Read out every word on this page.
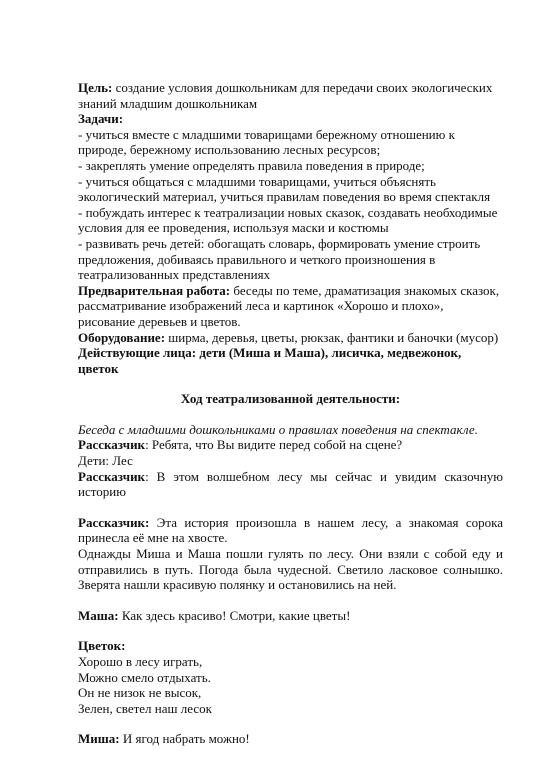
Цель: создание условия дошкольникам для передачи своих экологических знаний младшим дошкольникам

Задачи:

- учиться вместе с младшими товарищами бережному отношению к природе, бережному использованию лесных ресурсов;

- закреплять умение определять правила поведения в природе;

- учиться общаться с младшими товарищами, учиться объяснять экологический материал, учиться правилам поведения во время спектакля

- побуждать интерес к театрализации новых сказок, создавать необходимые условия для ее проведения, используя маски и костюмы

- развивать речь детей: обогащать словарь, формировать умение строить предложения, добиваясь правильного и четкого произношения в театрализованных представлениях

Предварительная работа: беседы по теме, драматизация знакомых сказок, рассматривание изображений леса и картинок «Хорошо и плохо», рисование деревьев и цветов.

Оборудование: ширма, деревья, цветы, рюкзак, фантики и баночки (мусор)

Действующие лица: дети (Миша и Маша), лисичка, медвежонок, цветок

Ход театрализованной деятельности:

Беседа с младшими дошкольниками о правилах поведения на спектакле.

Рассказчик: Ребята, что Вы видите перед собой на сцене?

Дети: Лес

Рассказчик: В этом волшебном лесу мы сейчас и увидим сказочную историю

Рассказчик: Эта история произошла в нашем лесу, а знакомая сорока принесла её мне на хвосте.

Однажды Миша и Маша пошли гулять по лесу. Они взяли с собой еду и отправились в путь. Погода была чудесной. Светило ласковое солнышко. Зверята нашли красивую полянку и остановились на ней.

Маша: Как здесь красиво! Смотри, какие цветы!

Цветок:

Хорошо в лесу играть,

Можно смело отдыхать.

Он не низок не высок,

Зелен, светел наш лесок

Миша: И ягод набрать можно!
